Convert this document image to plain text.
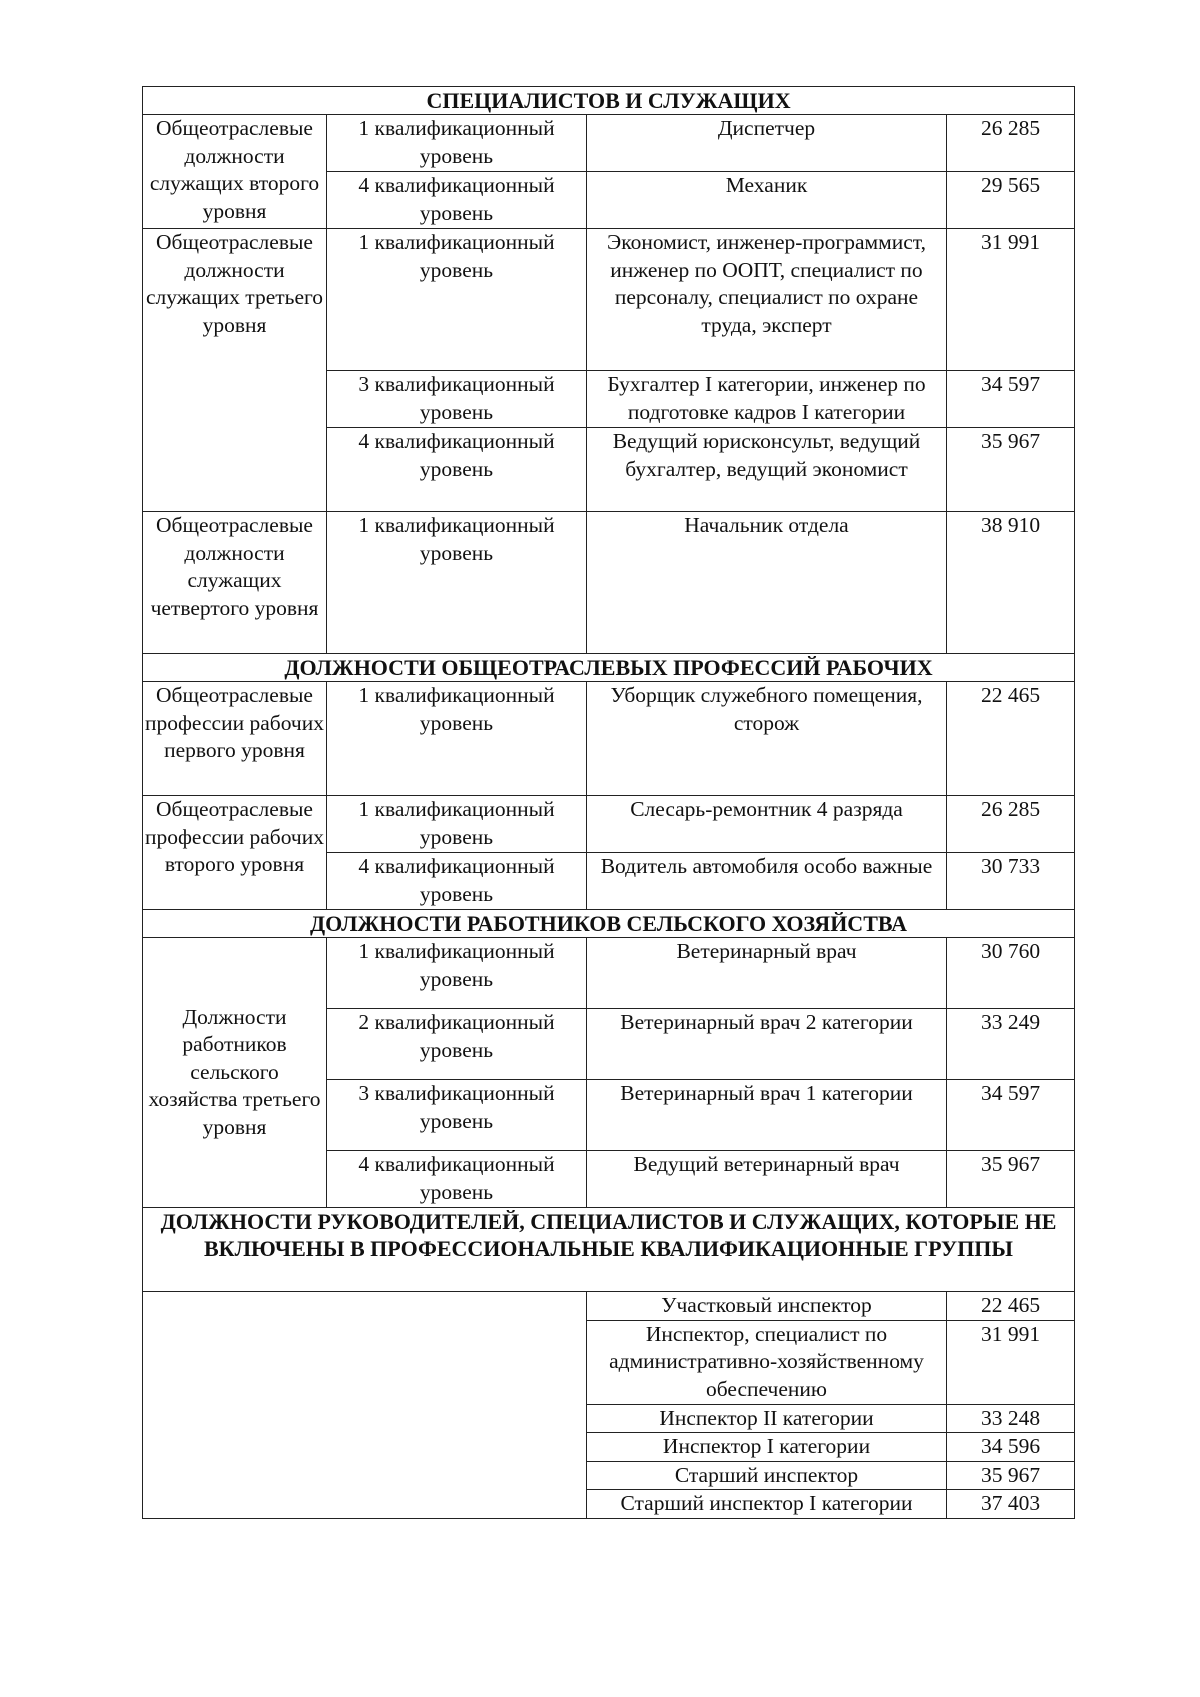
СПЕЦИАЛИСТОВ И СЛУЖАЩИХ			
Общеотраслевые должности служащих второго уровня	1 квалификационный уровень	Диспетчер	26 285
	4 квалификационный уровень	Механик	29 565
Общеотраслевые должности служащих третьего уровня	1 квалификационный уровень	Экономист, инженер-программист, инженер по ООПТ, специалист по персоналу, специалист по охране труда, эксперт	31 991
	3 квалификационный уровень	Бухгалтер I категории, инженер по подготовке кадров I категории	34 597
	4 квалификационный уровень	Ведущий юрисконсульт, ведущий бухгалтер, ведущий экономист	35 967
Общеотраслевые должности служащих четвертого уровня	1 квалификационный уровень	Начальник отдела	38 910
ДОЛЖНОСТИ ОБЩЕОТРАСЛЕВЫХ ПРОФЕССИЙ РАБОЧИХ			
Общеотраслевые профессии рабочих первого уровня	1 квалификационный уровень	Уборщик служебного помещения, сторож	22 465
Общеотраслевые профессии рабочих второго уровня	1 квалификационный уровень	Слесарь-ремонтник 4 разряда	26 285
	4 квалификационный уровень	Водитель автомобиля особо важные	30 733
ДОЛЖНОСТИ РАБОТНИКОВ СЕЛЬСКОГО ХОЗЯЙСТВА			
Должности работников сельского хозяйства третьего уровня	1 квалификационный уровень	Ветеринарный врач	30 760
	2 квалификационный уровень	Ветеринарный врач 2 категории	33 249
	3 квалификационный уровень	Ветеринарный врач 1 категории	34 597
	4 квалификационный уровень	Ведущий ветеринарный врач	35 967
ДОЛЖНОСТИ РУКОВОДИТЕЛЕЙ, СПЕЦИАЛИСТОВ И СЛУЖАЩИХ, КОТОРЫЕ НЕ ВКЛЮЧЕНЫ В ПРОФЕССИОНАЛЬНЫЕ КВАЛИФИКАЦИОННЫЕ ГРУППЫ			
		Участковый инспектор	22 465
		Инспектор, специалист по административно-хозяйственному обеспечению	31 991
		Инспектор II категории	33 248
		Инспектор I категории	34 596
		Старший инспектор	35 967
		Старший инспектор I категории	37 403
